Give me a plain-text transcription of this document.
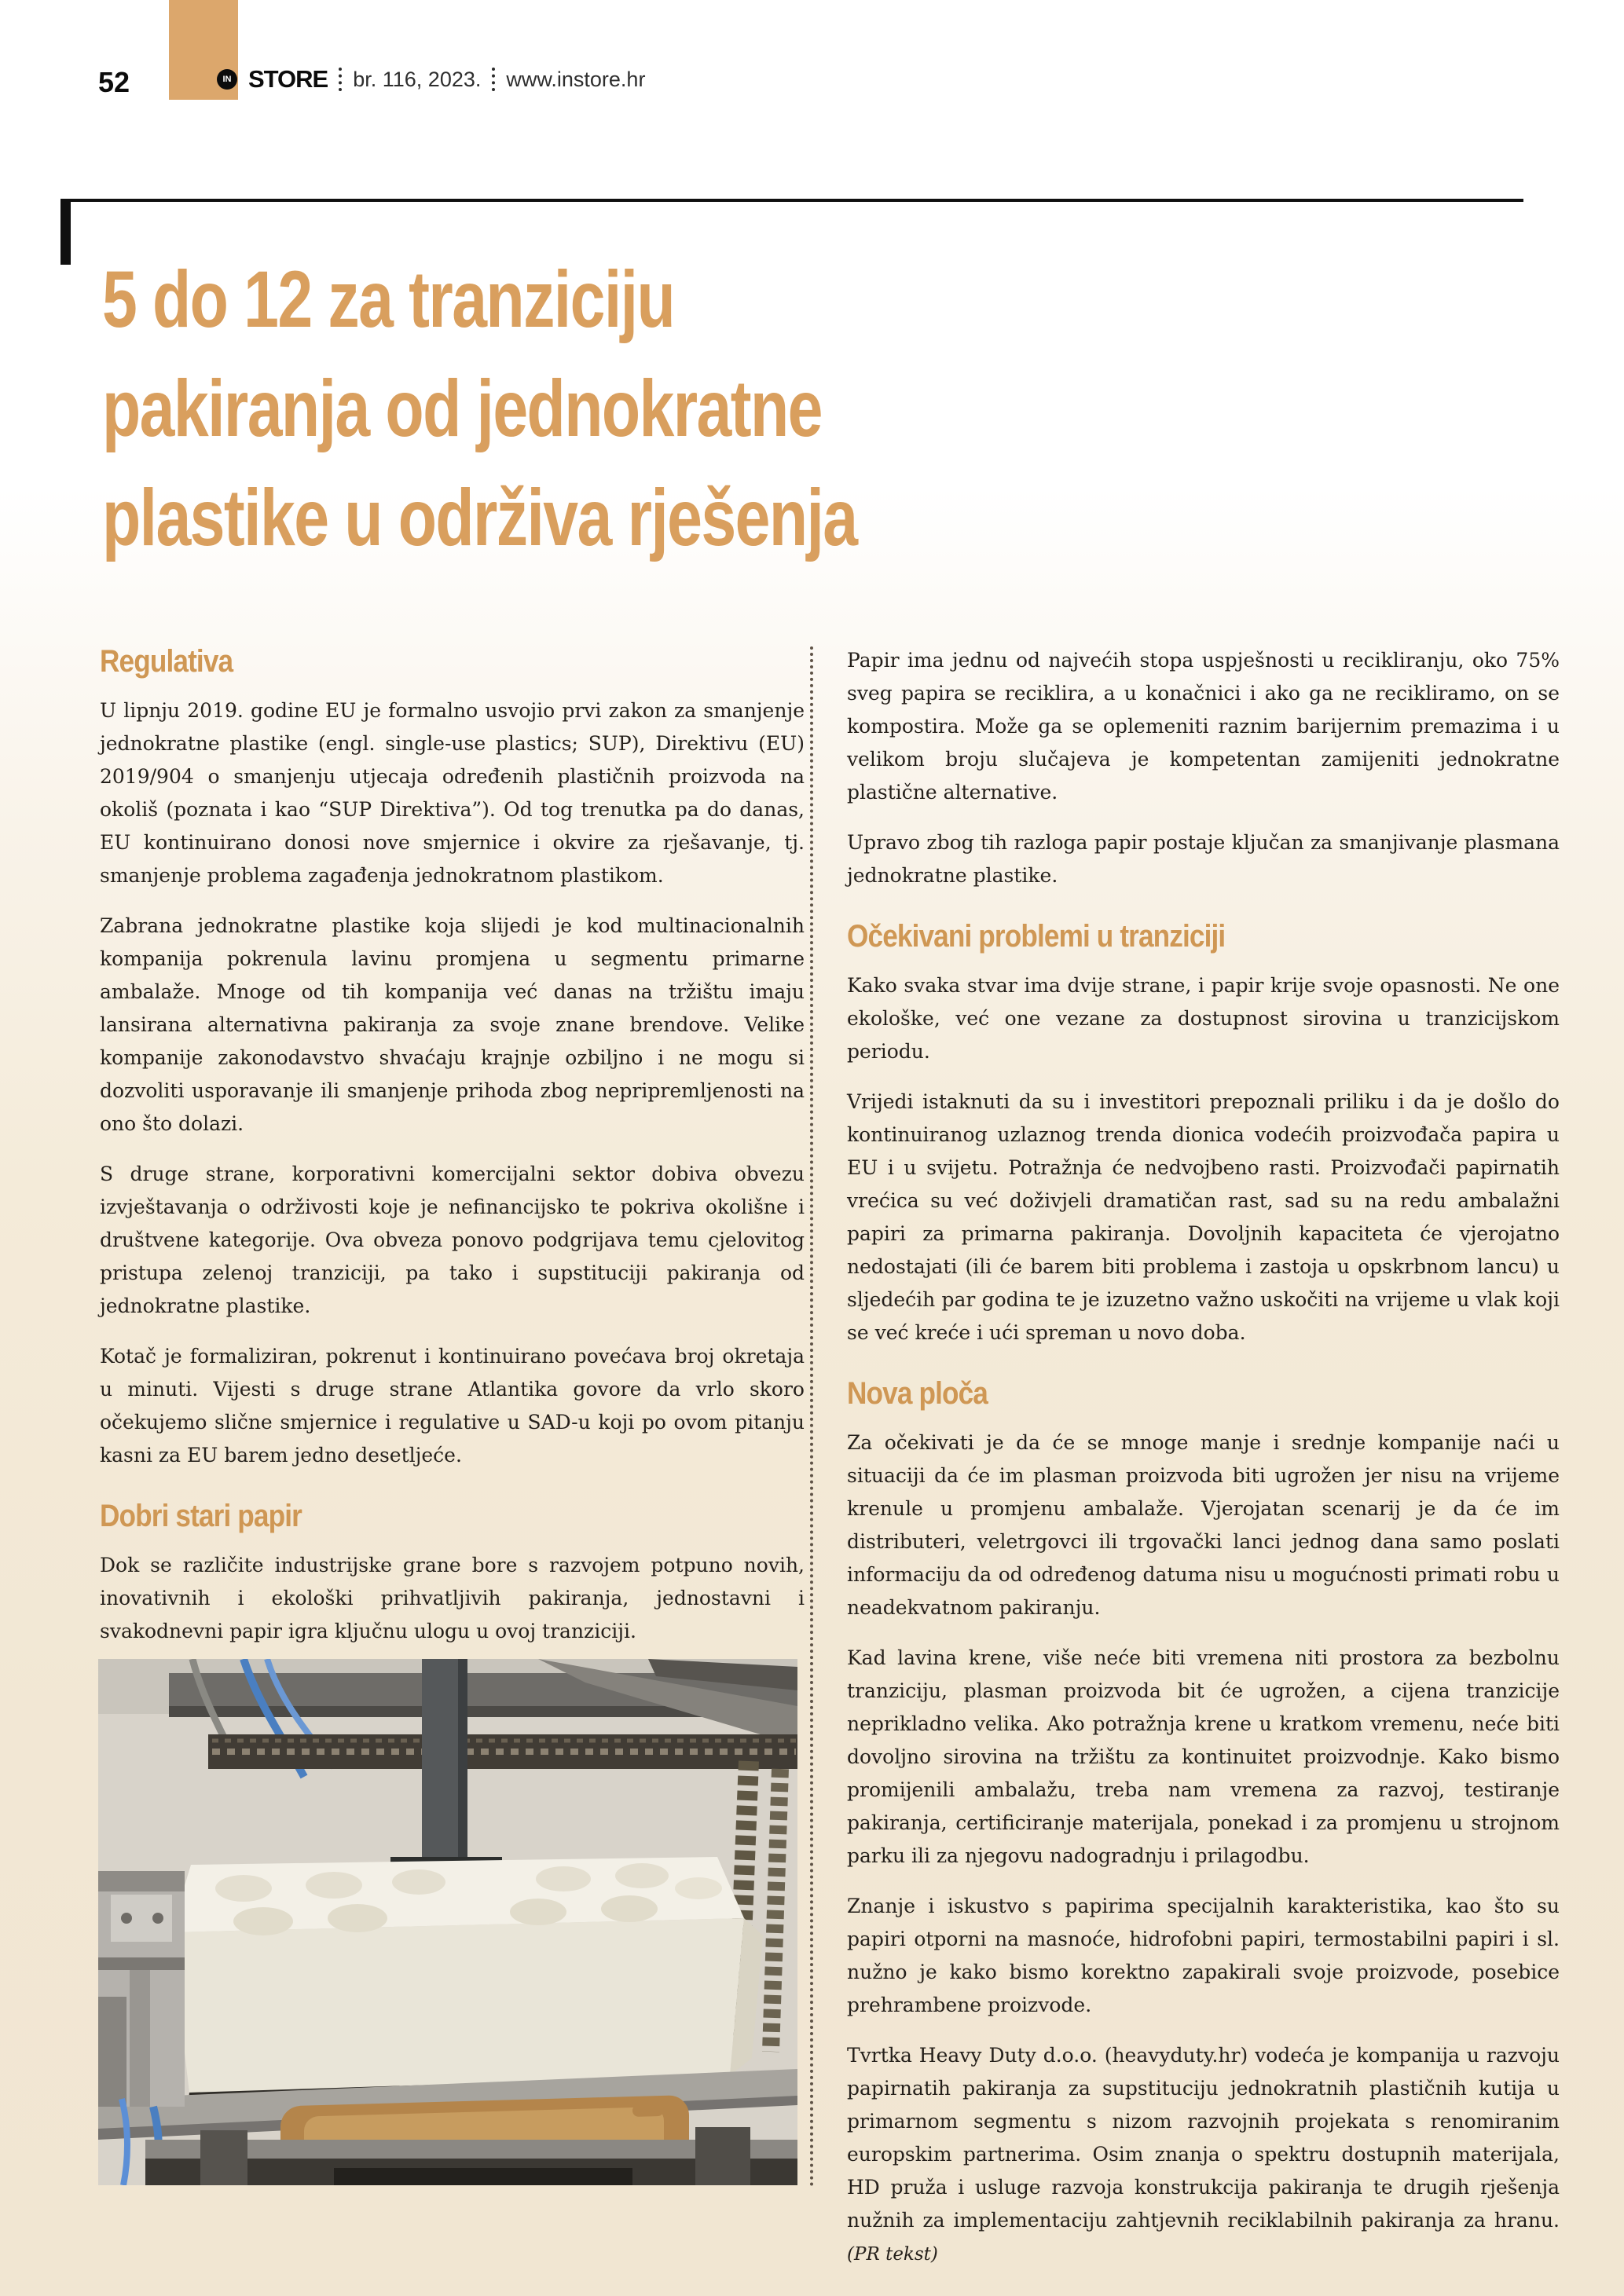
52	IN STORE br. 116, 2023. www.instore.hr
5 do 12 za tranziciju
pakiranja od jednokratne
plastike u održiva rješenja
Regulativa

U lipnju 2019. godine EU je formalno usvojio prvi zakon za smanjenje jednokratne plastike (engl. single-use plastics; SUP), Direktivu (EU) 2019/904 o smanjenju utjecaja određenih plastičnih proizvoda na okoliš (poznata i kao “SUP Direktiva”). Od tog trenutka pa do danas, EU kontinuirano donosi nove smjernice i okvire za rješavanje, tj. smanjenje problema zagađenja jednokratnom plastikom.

Zabrana jednokratne plastike koja slijedi je kod multinacionalnih kompanija pokrenula lavinu promjena u segmentu primarne ambalaže. Mnoge od tih kompanija već danas na tržištu imaju lansirana alternativna pakiranja za svoje znane brendove. Velike kompanije zakonodavstvo shvaćaju krajnje ozbiljno i ne mogu si dozvoliti usporavanje ili smanjenje prihoda zbog nepripremljenosti na ono što dolazi.

S druge strane, korporativni komercijalni sektor dobiva obvezu izvještavanja o održivosti koje je nefinancijsko te pokriva okolišne i društvene kategorije. Ova obveza ponovo podgrijava temu cjelovitog pristupa zelenoj tranziciji, pa tako i supstituciji pakiranja od jednokratne plastike.

Kotač je formaliziran, pokrenut i kontinuirano povećava broj okretaja u minuti. Vijesti s druge strane Atlantika govore da vrlo skoro očekujemo slične smjernice i regulative u SAD-u koji po ovom pitanju kasni za EU barem jedno desetljeće.

Dobri stari papir

Dok se različite industrijske grane bore s razvojem potpuno novih, inovativnih i ekološki prihvatljivih pakiranja, jednostavni i svakodnevni papir igra ključnu ulogu u ovoj tranziciji.

Papir ima jednu od najvećih stopa uspješnosti u recikliranju, oko 75% sveg papira se reciklira, a u konačnici i ako ga ne recikliramo, on se kompostira. Može ga se oplemeniti raznim barijernim premazima i u velikom broju slučajeva je kompetentan zamijeniti jednokratne plastične alternative.

Upravo zbog tih razloga papir postaje ključan za smanjivanje plasmana jednokratne plastike.

Očekivani problemi u tranziciji

Kako svaka stvar ima dvije strane, i papir krije svoje opasnosti. Ne one ekološke, već one vezane za dostupnost sirovina u tranzicijskom periodu.

Vrijedi istaknuti da su i investitori prepoznali priliku i da je došlo do kontinuiranog uzlaznog trenda dionica vodećih proizvođača papira u EU i u svijetu. Potražnja će nedvojbeno rasti. Proizvođači papirnatih vrećica su već doživjeli dramatičan rast, sad su na redu ambalažni papiri za primarna pakiranja. Dovoljnih kapaciteta će vjerojatno nedostajati (ili će barem biti problema i zastoja u opskrbnom lancu) u sljedećih par godina te je izuzetno važno uskočiti na vrijeme u vlak koji se već kreće i ući spreman u novo doba.

Nova ploča

Za očekivati je da će se mnoge manje i srednje kompanije naći u situaciji da će im plasman proizvoda biti ugrožen jer nisu na vrijeme krenule u promjenu ambalaže. Vjerojatan scenarij je da će im distributeri, veletrgovci ili trgovački lanci jednog dana samo poslati informaciju da od određenog datuma nisu u mogućnosti primati robu u neadekvatnom pakiranju.

Kad lavina krene, više neće biti vremena niti prostora za bezbolnu tranziciju, plasman proizvoda bit će ugrožen, a cijena tranzicije neprikladno velika. Ako potražnja krene u kratkom vremenu, neće biti dovoljno sirovina na tržištu za kontinuitet proizvodnje. Kako bismo promijenili ambalažu, treba nam vremena za razvoj, testiranje pakiranja, certificiranje materijala, ponekad i za promjenu u strojnom parku ili za njegovu nadogradnju i prilagodbu.

Znanje i iskustvo s papirima specijalnih karakteristika, kao što su papiri otporni na masnoće, hidrofobni papiri, termostabilni papiri i sl. nužno je kako bismo korektno zapakirali svoje proizvode, posebice prehrambene proizvode.

Tvrtka Heavy Duty d.o.o. (heavyduty.hr) vodeća je kompanija u razvoju papirnatih pakiranja za supstituciju jednokratnih plastičnih kutija u primarnom segmentu s nizom razvojnih projekata s renomiranim europskim partnerima. Osim znanja o spektru dostupnih materijala, HD pruža i usluge razvoja konstrukcija pakiranja te drugih rješenja nužnih za implementaciju zahtjevnih reciklabilnih pakiranja za hranu. (PR tekst)
